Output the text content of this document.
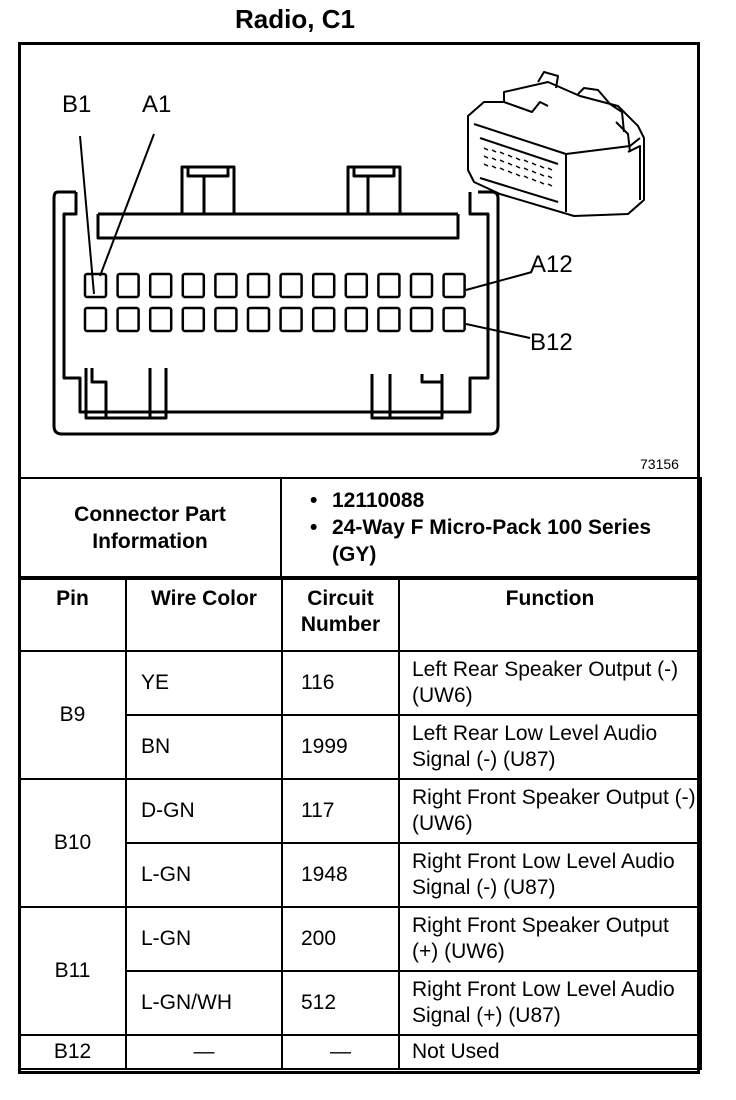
Radio, C1
B1 A1
A12
B12
73156
Connector Part Information	
• 12110088
• 24-Way F Micro-Pack 100 Series (GY)
Pin	Wire Color	Circuit Number	Function
B9	YE	116	Left Rear Speaker Output (-) (UW6)
	BN	1999	Left Rear Low Level Audio Signal (-) (U87)
B10	D-GN	117	Right Front Speaker Output (-) (UW6)
	L-GN	1948	Right Front Low Level Audio Signal (-) (U87)
B11	L-GN	200	Right Front Speaker Output (+) (UW6)
	L-GN/WH	512	Right Front Low Level Audio Signal (+) (U87)
B12	—	—	Not Used
